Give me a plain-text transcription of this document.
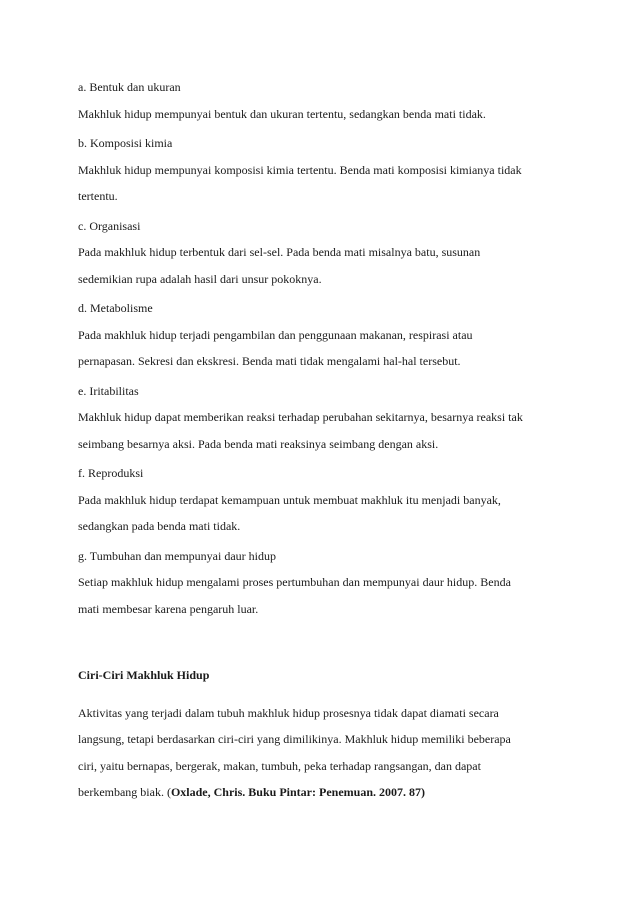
a. Bentuk dan ukuran
Makhluk hidup mempunyai bentuk dan ukuran tertentu, sedangkan benda mati tidak.
b. Komposisi kimia
Makhluk hidup mempunyai komposisi kimia tertentu. Benda mati komposisi kimianya tidak
tertentu.
c. Organisasi
Pada makhluk hidup terbentuk dari sel-sel. Pada benda mati misalnya batu, susunan
sedemikian rupa adalah hasil dari unsur pokoknya.
d. Metabolisme
Pada makhluk hidup terjadi pengambilan dan penggunaan makanan, respirasi atau
pernapasan. Sekresi dan ekskresi. Benda mati tidak mengalami hal-hal tersebut.
e. Iritabilitas
Makhluk hidup dapat memberikan reaksi terhadap perubahan sekitarnya, besarnya reaksi tak
seimbang besarnya aksi. Pada benda mati reaksinya seimbang dengan aksi.
f. Reproduksi
Pada makhluk hidup terdapat kemampuan untuk membuat makhluk itu menjadi banyak,
sedangkan pada benda mati tidak.
g. Tumbuhan dan mempunyai daur hidup
Setiap makhluk hidup mengalami proses pertumbuhan dan mempunyai daur hidup. Benda
mati membesar karena pengaruh luar.
Ciri-Ciri Makhluk Hidup
Aktivitas yang terjadi dalam tubuh makhluk hidup prosesnya tidak dapat diamati secara
langsung, tetapi berdasarkan ciri-ciri yang dimilikinya. Makhluk hidup memiliki beberapa
ciri, yaitu bernapas, bergerak, makan, tumbuh, peka terhadap rangsangan, dan dapat
berkembang biak. (Oxlade, Chris. Buku Pintar: Penemuan. 2007. 87)
